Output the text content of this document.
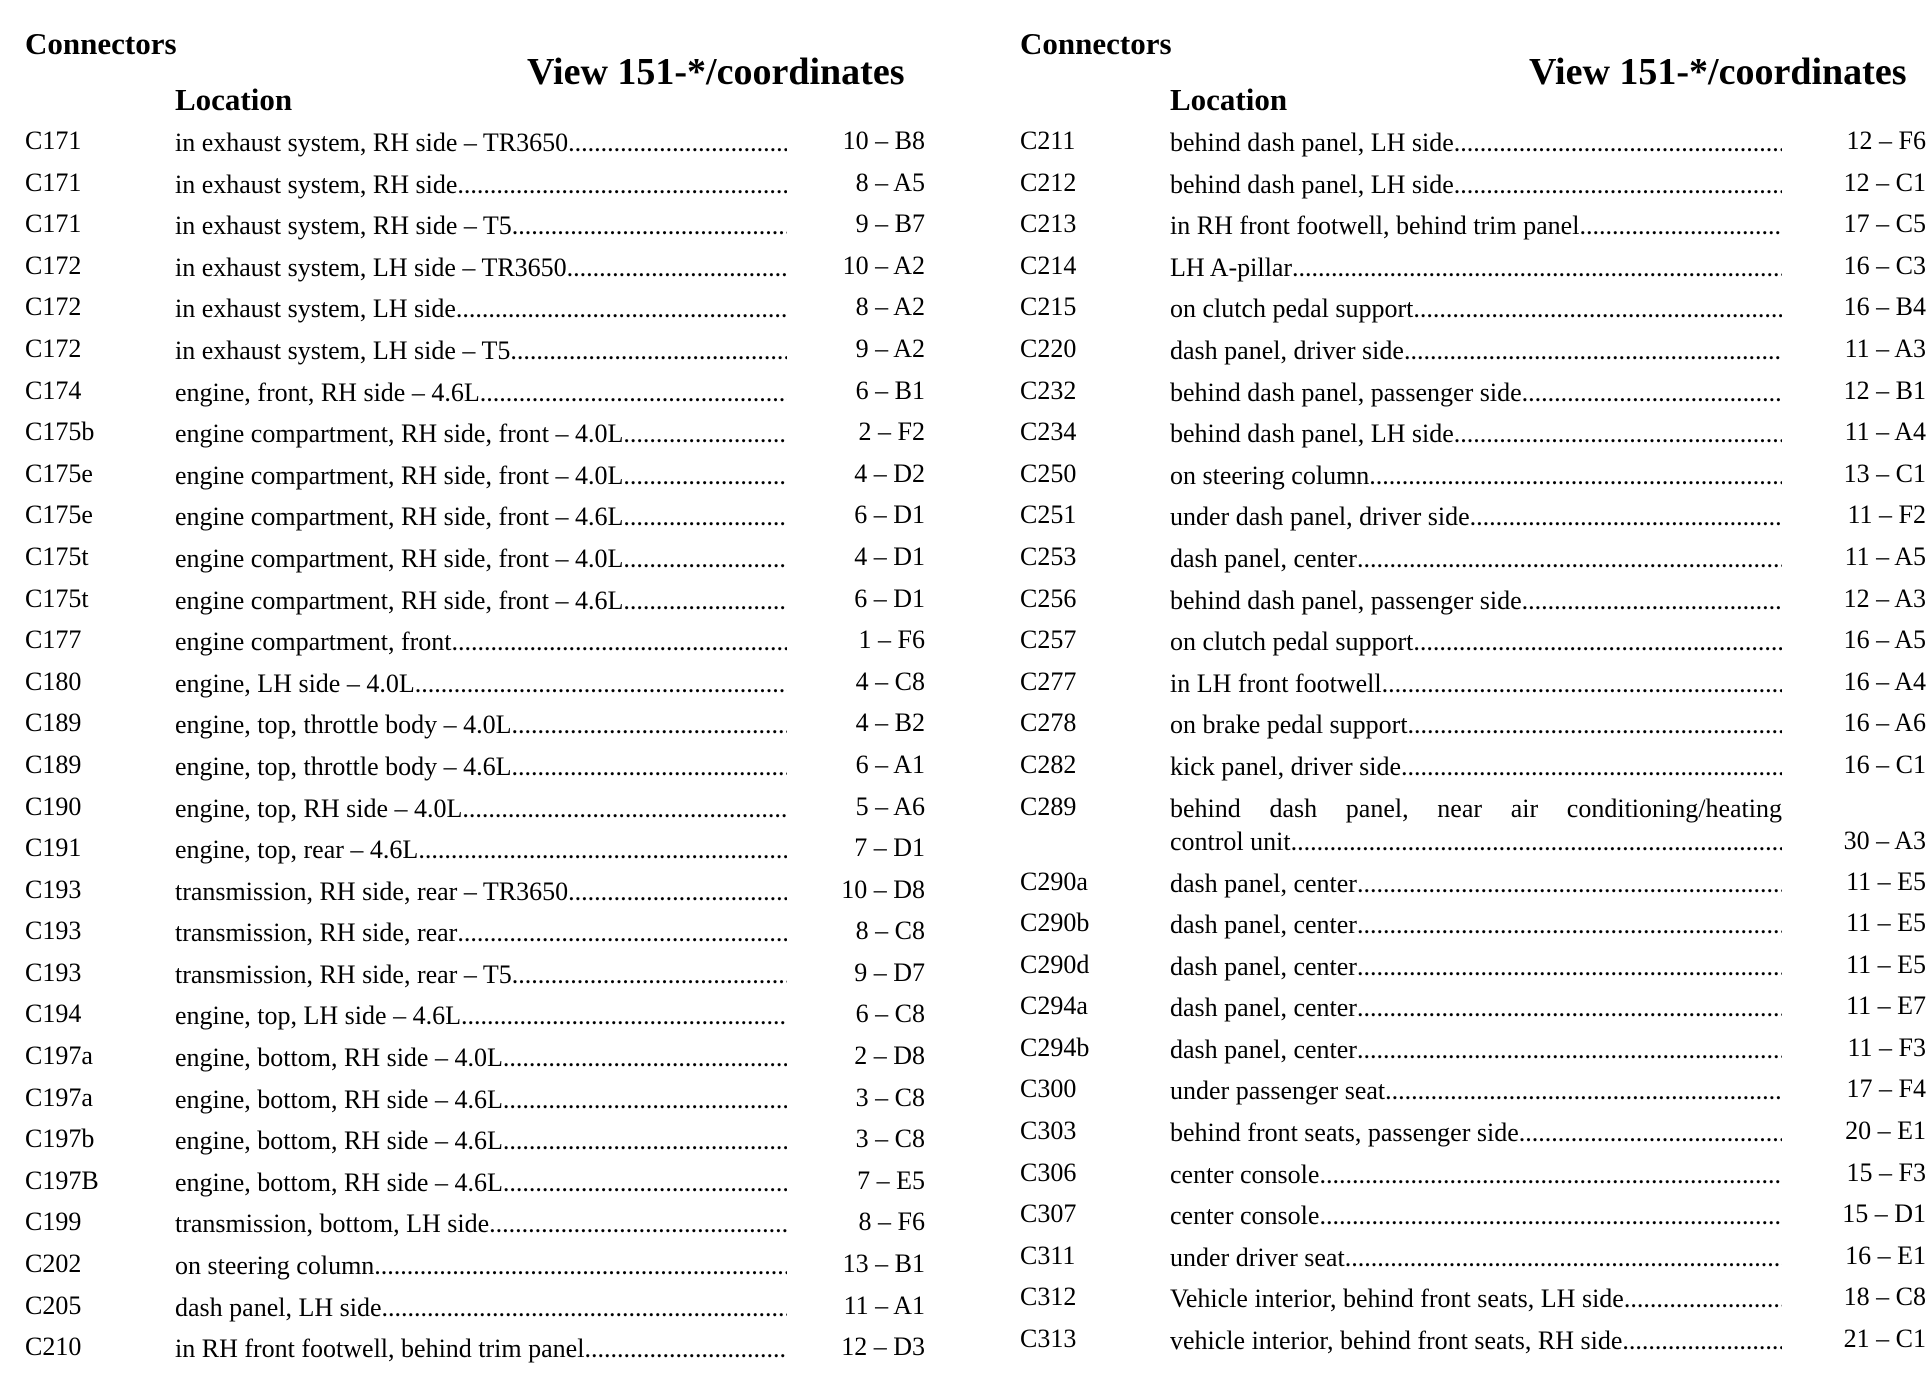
Connectors
Location
View 151-*/coordinates
C171	in exhaust system, RH side – TR3650 .....	10 – B8
C171	in exhaust system, RH side .....	8 – A5
C171	in exhaust system, RH side – T5 .....	9 – B7
C172	in exhaust system, LH side – TR3650 .....	10 – A2
C172	in exhaust system, LH side .....	8 – A2
C172	in exhaust system, LH side – T5 .....	9 – A2
C174	engine, front, RH side – 4.6L .....	6 – B1
C175b	engine compartment, RH side, front – 4.0L .....	2 – F2
C175e	engine compartment, RH side, front – 4.0L .....	4 – D2
C175e	engine compartment, RH side, front – 4.6L .....	6 – D1
C175t	engine compartment, RH side, front – 4.0L .....	4 – D1
C175t	engine compartment, RH side, front – 4.6L .....	6 – D1
C177	engine compartment, front .....	1 – F6
C180	engine, LH side – 4.0L .....	4 – C8
C189	engine, top, throttle body – 4.0L .....	4 – B2
C189	engine, top, throttle body – 4.6L .....	6 – A1
C190	engine, top, RH side – 4.0L .....	5 – A6
C191	engine, top, rear – 4.6L .....	7 – D1
C193	transmission, RH side, rear – TR3650 .....	10 – D8
C193	transmission, RH side, rear .....	8 – C8
C193	transmission, RH side, rear – T5 .....	9 – D7
C194	engine, top, LH side – 4.6L .....	6 – C8
C197a	engine, bottom, RH side – 4.0L .....	2 – D8
C197a	engine, bottom, RH side – 4.6L .....	3 – C8
C197b	engine, bottom, RH side – 4.6L .....	3 – C8
C197B	engine, bottom, RH side – 4.6L .....	7 – E5
C199	transmission, bottom, LH side .....	8 – F6
C202	on steering column .....	13 – B1
C205	dash panel, LH side .....	11 – A1
C210	in RH front footwell, behind trim panel .....	12 – D3
Connectors
Location
View 151-*/coordinates
C211	behind dash panel, LH side .....	12 – F6
C212	behind dash panel, LH side .....	12 – C1
C213	in RH front footwell, behind trim panel .....	17 – C5
C214	LH A-pillar .....	16 – C3
C215	on clutch pedal support .....	16 – B4
C220	dash panel, driver side .....	11 – A3
C232	behind dash panel, passenger side .....	12 – B1
C234	behind dash panel, LH side .....	11 – A4
C250	on steering column .....	13 – C1
C251	under dash panel, driver side .....	11 – F2
C253	dash panel, center .....	11 – A5
C256	behind dash panel, passenger side .....	12 – A3
C257	on clutch pedal support .....	16 – A5
C277	in LH front footwell .....	16 – A4
C278	on brake pedal support .....	16 – A6
C282	kick panel, driver side .....	16 – C1
C289	behind dash panel, near air conditioning/heating
control unit .....	30 – A3
C290a	dash panel, center .....	11 – E5
C290b	dash panel, center .....	11 – E5
C290d	dash panel, center .....	11 – E5
C294a	dash panel, center .....	11 – E7
C294b	dash panel, center .....	11 – F3
C300	under passenger seat .....	17 – F4
C303	behind front seats, passenger side .....	20 – E1
C306	center console .....	15 – F3
C307	center console .....	15 – D1
C311	under driver seat .....	16 – E1
C312	Vehicle interior, behind front seats, LH side .....	18 – C8
C313	vehicle interior, behind front seats, RH side .....	21 – C1
